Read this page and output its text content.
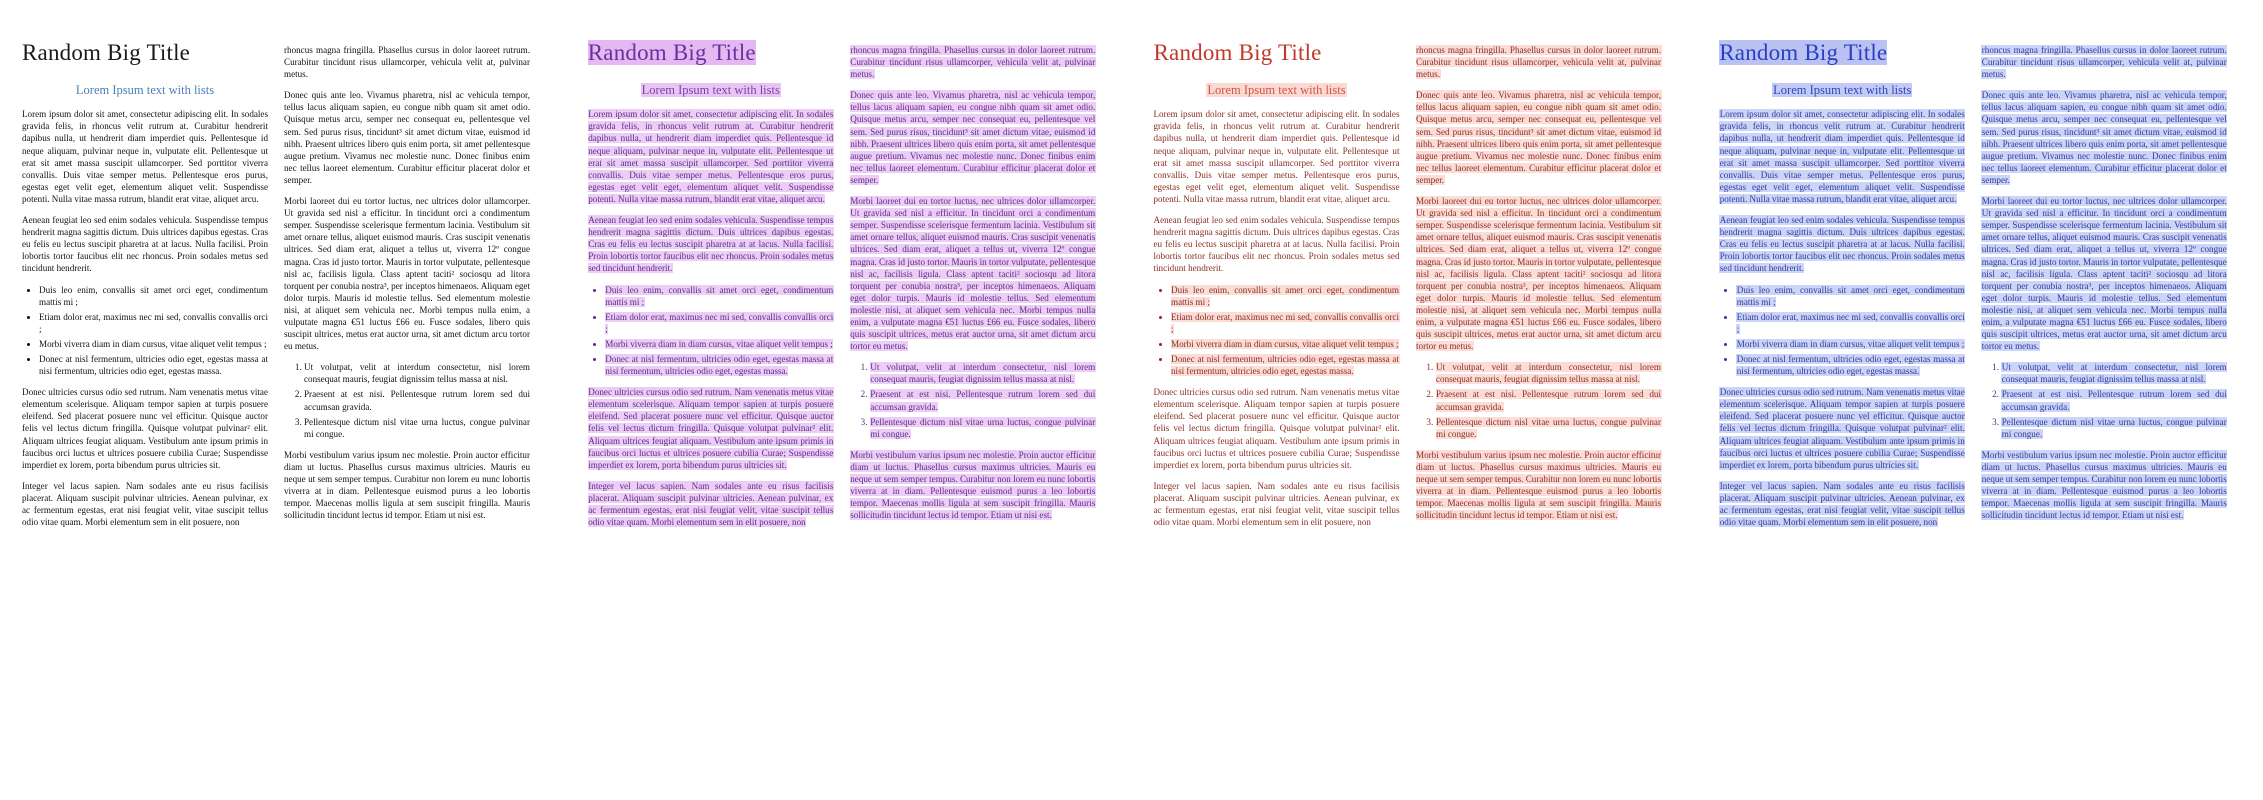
Random Big Title
Lorem Ipsum text with lists

Lorem ipsum dolor sit amet, consectetur adipiscing elit. In sodales gravida felis, in rhoncus velit rutrum at. Curabitur hendrerit dapibus nulla, ut hendrerit diam imperdiet quis. Pellentesque id neque aliquam, pulvinar neque in, vulputate elit. Pellentesque ut erat sit amet massa suscipit ullamcorper. Sed porttitor viverra convallis. Duis vitae semper metus. Pellentesque eros purus, egestas eget velit eget, elementum aliquet velit. Suspendisse potenti. Nulla vitae massa rutrum, blandit erat vitae, aliquet arcu.

Aenean feugiat leo sed enim sodales vehicula. Suspendisse tempus hendrerit magna sagittis dictum. Duis ultrices dapibus egestas. Cras eu felis eu lectus suscipit pharetra at at lacus. Nulla facilisi. Proin lobortis tortor faucibus elit nec rhoncus. Proin sodales metus sed tincidunt hendrerit.

• Duis leo enim, convallis sit amet orci eget, condimentum mattis mi ;
• Etiam dolor erat, maximus nec mi sed, convallis convallis orci ;
• Morbi viverra diam in diam cursus, vitae aliquet velit tempus ;
• Donec at nisl fermentum, ultricies odio eget, egestas massa at nisi fermentum, ultricies odio eget, egestas massa.

Donec ultricies cursus odio sed rutrum. Nam venenatis metus vitae elementum scelerisque. Aliquam tempor sapien at turpis posuere eleifend. Sed placerat posuere nunc vel efficitur. Quisque auctor felis vel lectus dictum fringilla. Quisque volutpat pulvinar² elit. Aliquam ultrices feugiat aliquam. Vestibulum ante ipsum primis in faucibus orci luctus et ultrices posuere cubilia Curae; Suspendisse imperdiet ex lorem, porta bibendum purus ultricies sit.

Integer vel lacus sapien. Nam sodales ante eu risus facilisis placerat. Aliquam suscipit pulvinar ultricies. Aenean pulvinar, ex ac fermentum egestas, erat nisi feugiat velit, vitae suscipit tellus odio vitae quam. Morbi elementum sem in elit posuere, non

rhoncus magna fringilla. Phasellus cursus in dolor laoreet rutrum. Curabitur tincidunt risus ullamcorper, vehicula velit at, pulvinar metus.

Donec quis ante leo. Vivamus pharetra, nisl ac vehicula tempor, tellus lacus aliquam sapien, eu congue nibh quam sit amet odio. Quisque metus arcu, semper nec consequat eu, pellentesque vel sem. Sed purus risus, tincidunt³ sit amet dictum vitae, euismod id nibh. Praesent ultrices libero quis enim porta, sit amet pellentesque augue pretium. Vivamus nec molestie nunc. Donec finibus enim nec tellus laoreet elementum. Curabitur efficitur placerat dolor et semper.

Morbi laoreet dui eu tortor luctus, nec ultrices dolor ullamcorper. Ut gravida sed nisl a efficitur. In tincidunt orci a condimentum semper. Suspendisse scelerisque fermentum lacinia. Vestibulum sit amet ornare tellus, aliquet euismod mauris. Cras suscipit venenatis ultrices. Sed diam erat, aliquet a tellus ut, viverra 12º congue magna. Cras id justo tortor. Mauris in tortor vulputate, pellentesque nisl ac, facilisis ligula. Class aptent taciti² sociosqu ad litora torquent per conubia nostra³, per inceptos himenaeos. Aliquam eget dolor turpis. Mauris id molestie tellus. Sed elementum molestie nisi, at aliquet sem vehicula nec. Morbi tempus nulla enim, a vulputate magna €51 luctus £66 eu. Fusce sodales, libero quis suscipit ultrices, metus erat auctor urna, sit amet dictum arcu tortor eu metus.

1. Ut volutpat, velit at interdum consectetur, nisl lorem consequat mauris, feugiat dignissim tellus massa at nisl.
2. Praesent at est nisi. Pellentesque rutrum lorem sed dui accumsan gravida.
3. Pellentesque dictum nisl vitae urna luctus, congue pulvinar mi congue.

Morbi vestibulum varius ipsum nec molestie. Proin auctor efficitur diam ut luctus. Phasellus cursus maximus ultricies. Mauris eu neque ut sem semper tempus. Curabitur non lorem eu nunc lobortis viverra at in diam. Pellentesque euismod purus a leo lobortis tempor. Maecenas mollis ligula at sem suscipit fringilla. Mauris sollicitudin tincidunt lectus id tempor. Etiam ut nisi est.

Random Big Title
Lorem Ipsum text with lists

Lorem ipsum dolor sit amet, consectetur adipiscing elit. In sodales gravida felis, in rhoncus velit rutrum at. Curabitur hendrerit dapibus nulla, ut hendrerit diam imperdiet quis. Pellentesque id neque aliquam, pulvinar neque in, vulputate elit. Pellentesque ut erat sit amet massa suscipit ullamcorper. Sed porttitor viverra convallis. Duis vitae semper metus. Pellentesque eros purus, egestas eget velit eget, elementum aliquet velit. Suspendisse potenti. Nulla vitae massa rutrum, blandit erat vitae, aliquet arcu.

Aenean feugiat leo sed enim sodales vehicula. Suspendisse tempus hendrerit magna sagittis dictum. Duis ultrices dapibus egestas. Cras eu felis eu lectus suscipit pharetra at at lacus. Nulla facilisi. Proin lobortis tortor faucibus elit nec rhoncus. Proin sodales metus sed tincidunt hendrerit.

• Duis leo enim, convallis sit amet orci eget, condimentum mattis mi ;
• Etiam dolor erat, maximus nec mi sed, convallis convallis orci ;
• Morbi viverra diam in diam cursus, vitae aliquet velit tempus ;
• Donec at nisl fermentum, ultricies odio eget, egestas massa at nisi fermentum, ultricies odio eget, egestas massa.

Donec ultricies cursus odio sed rutrum. Nam venenatis metus vitae elementum scelerisque. Aliquam tempor sapien at turpis posuere eleifend. Sed placerat posuere nunc vel efficitur. Quisque auctor felis vel lectus dictum fringilla. Quisque volutpat pulvinar² elit. Aliquam ultrices feugiat aliquam. Vestibulum ante ipsum primis in faucibus orci luctus et ultrices posuere cubilia Curae; Suspendisse imperdiet ex lorem, porta bibendum purus ultricies sit.

Integer vel lacus sapien. Nam sodales ante eu risus facilisis placerat. Aliquam suscipit pulvinar ultricies. Aenean pulvinar, ex ac fermentum egestas, erat nisi feugiat velit, vitae suscipit tellus odio vitae quam. Morbi elementum sem in elit posuere, non

rhoncus magna fringilla. Phasellus cursus in dolor laoreet rutrum. Curabitur tincidunt risus ullamcorper, vehicula velit at, pulvinar metus.

Donec quis ante leo. Vivamus pharetra, nisl ac vehicula tempor, tellus lacus aliquam sapien, eu congue nibh quam sit amet odio. Quisque metus arcu, semper nec consequat eu, pellentesque vel sem. Sed purus risus, tincidunt³ sit amet dictum vitae, euismod id nibh. Praesent ultrices libero quis enim porta, sit amet pellentesque augue pretium. Vivamus nec molestie nunc. Donec finibus enim nec tellus laoreet elementum. Curabitur efficitur placerat dolor et semper.

Morbi laoreet dui eu tortor luctus, nec ultrices dolor ullamcorper. Ut gravida sed nisl a efficitur. In tincidunt orci a condimentum semper. Suspendisse scelerisque fermentum lacinia. Vestibulum sit amet ornare tellus, aliquet euismod mauris. Cras suscipit venenatis ultrices. Sed diam erat, aliquet a tellus ut, viverra 12º congue magna. Cras id justo tortor. Mauris in tortor vulputate, pellentesque nisl ac, facilisis ligula. Class aptent taciti² sociosqu ad litora torquent per conubia nostra³, per inceptos himenaeos. Aliquam eget dolor turpis. Mauris id molestie tellus. Sed elementum molestie nisi, at aliquet sem vehicula nec. Morbi tempus nulla enim, a vulputate magna €51 luctus £66 eu. Fusce sodales, libero quis suscipit ultrices, metus erat auctor urna, sit amet dictum arcu tortor eu metus.

1. Ut volutpat, velit at interdum consectetur, nisl lorem consequat mauris, feugiat dignissim tellus massa at nisl.
2. Praesent at est nisi. Pellentesque rutrum lorem sed dui accumsan gravida.
3. Pellentesque dictum nisl vitae urna luctus, congue pulvinar mi congue.

Morbi vestibulum varius ipsum nec molestie. Proin auctor efficitur diam ut luctus. Phasellus cursus maximus ultricies. Mauris eu neque ut sem semper tempus. Curabitur non lorem eu nunc lobortis viverra at in diam. Pellentesque euismod purus a leo lobortis tempor. Maecenas mollis ligula at sem suscipit fringilla. Mauris sollicitudin tincidunt lectus id tempor. Etiam ut nisi est.

Random Big Title
Lorem Ipsum text with lists

Lorem ipsum dolor sit amet, consectetur adipiscing elit. In sodales gravida felis, in rhoncus velit rutrum at. Curabitur hendrerit dapibus nulla, ut hendrerit diam imperdiet quis. Pellentesque id neque aliquam, pulvinar neque in, vulputate elit. Pellentesque ut erat sit amet massa suscipit ullamcorper. Sed porttitor viverra convallis. Duis vitae semper metus. Pellentesque eros purus, egestas eget velit eget, elementum aliquet velit. Suspendisse potenti. Nulla vitae massa rutrum, blandit erat vitae, aliquet arcu.

Aenean feugiat leo sed enim sodales vehicula. Suspendisse tempus hendrerit magna sagittis dictum. Duis ultrices dapibus egestas. Cras eu felis eu lectus suscipit pharetra at at lacus. Nulla facilisi. Proin lobortis tortor faucibus elit nec rhoncus. Proin sodales metus sed tincidunt hendrerit.

• Duis leo enim, convallis sit amet orci eget, condimentum mattis mi ;
• Etiam dolor erat, maximus nec mi sed, convallis convallis orci ;
• Morbi viverra diam in diam cursus, vitae aliquet velit tempus ;
• Donec at nisl fermentum, ultricies odio eget, egestas massa at nisi fermentum, ultricies odio eget, egestas massa.

Donec ultricies cursus odio sed rutrum. Nam venenatis metus vitae elementum scelerisque. Aliquam tempor sapien at turpis posuere eleifend. Sed placerat posuere nunc vel efficitur. Quisque auctor felis vel lectus dictum fringilla. Quisque volutpat pulvinar² elit. Aliquam ultrices feugiat aliquam. Vestibulum ante ipsum primis in faucibus orci luctus et ultrices posuere cubilia Curae; Suspendisse imperdiet ex lorem, porta bibendum purus ultricies sit.

Integer vel lacus sapien. Nam sodales ante eu risus facilisis placerat. Aliquam suscipit pulvinar ultricies. Aenean pulvinar, ex ac fermentum egestas, erat nisi feugiat velit, vitae suscipit tellus odio vitae quam. Morbi elementum sem in elit posuere, non

rhoncus magna fringilla. Phasellus cursus in dolor laoreet rutrum. Curabitur tincidunt risus ullamcorper, vehicula velit at, pulvinar metus.

Donec quis ante leo. Vivamus pharetra, nisl ac vehicula tempor, tellus lacus aliquam sapien, eu congue nibh quam sit amet odio. Quisque metus arcu, semper nec consequat eu, pellentesque vel sem. Sed purus risus, tincidunt³ sit amet dictum vitae, euismod id nibh. Praesent ultrices libero quis enim porta, sit amet pellentesque augue pretium. Vivamus nec molestie nunc. Donec finibus enim nec tellus laoreet elementum. Curabitur efficitur placerat dolor et semper.

Morbi laoreet dui eu tortor luctus, nec ultrices dolor ullamcorper. Ut gravida sed nisl a efficitur. In tincidunt orci a condimentum semper. Suspendisse scelerisque fermentum lacinia. Vestibulum sit amet ornare tellus, aliquet euismod mauris. Cras suscipit venenatis ultrices. Sed diam erat, aliquet a tellus ut, viverra 12º congue magna. Cras id justo tortor. Mauris in tortor vulputate, pellentesque nisl ac, facilisis ligula. Class aptent taciti² sociosqu ad litora torquent per conubia nostra³, per inceptos himenaeos. Aliquam eget dolor turpis. Mauris id molestie tellus. Sed elementum molestie nisi, at aliquet sem vehicula nec. Morbi tempus nulla enim, a vulputate magna €51 luctus £66 eu. Fusce sodales, libero quis suscipit ultrices, metus erat auctor urna, sit amet dictum arcu tortor eu metus.

1. Ut volutpat, velit at interdum consectetur, nisl lorem consequat mauris, feugiat dignissim tellus massa at nisl.
2. Praesent at est nisi. Pellentesque rutrum lorem sed dui accumsan gravida.
3. Pellentesque dictum nisl vitae urna luctus, congue pulvinar mi congue.

Morbi vestibulum varius ipsum nec molestie. Proin auctor efficitur diam ut luctus. Phasellus cursus maximus ultricies. Mauris eu neque ut sem semper tempus. Curabitur non lorem eu nunc lobortis viverra at in diam. Pellentesque euismod purus a leo lobortis tempor. Maecenas mollis ligula at sem suscipit fringilla. Mauris sollicitudin tincidunt lectus id tempor. Etiam ut nisi est.

Random Big Title
Lorem Ipsum text with lists

Lorem ipsum dolor sit amet, consectetur adipiscing elit. In sodales gravida felis, in rhoncus velit rutrum at. Curabitur hendrerit dapibus nulla, ut hendrerit diam imperdiet quis. Pellentesque id neque aliquam, pulvinar neque in, vulputate elit. Pellentesque ut erat sit amet massa suscipit ullamcorper. Sed porttitor viverra convallis. Duis vitae semper metus. Pellentesque eros purus, egestas eget velit eget, elementum aliquet velit. Suspendisse potenti. Nulla vitae massa rutrum, blandit erat vitae, aliquet arcu.

Aenean feugiat leo sed enim sodales vehicula. Suspendisse tempus hendrerit magna sagittis dictum. Duis ultrices dapibus egestas. Cras eu felis eu lectus suscipit pharetra at at lacus. Nulla facilisi. Proin lobortis tortor faucibus elit nec rhoncus. Proin sodales metus sed tincidunt hendrerit.

• Duis leo enim, convallis sit amet orci eget, condimentum mattis mi ;
• Etiam dolor erat, maximus nec mi sed, convallis convallis orci ;
• Morbi viverra diam in diam cursus, vitae aliquet velit tempus ;
• Donec at nisl fermentum, ultricies odio eget, egestas massa at nisi fermentum, ultricies odio eget, egestas massa.

Donec ultricies cursus odio sed rutrum. Nam venenatis metus vitae elementum scelerisque. Aliquam tempor sapien at turpis posuere eleifend. Sed placerat posuere nunc vel efficitur. Quisque auctor felis vel lectus dictum fringilla. Quisque volutpat pulvinar² elit. Aliquam ultrices feugiat aliquam. Vestibulum ante ipsum primis in faucibus orci luctus et ultrices posuere cubilia Curae; Suspendisse imperdiet ex lorem, porta bibendum purus ultricies sit.

Integer vel lacus sapien. Nam sodales ante eu risus facilisis placerat. Aliquam suscipit pulvinar ultricies. Aenean pulvinar, ex ac fermentum egestas, erat nisi feugiat velit, vitae suscipit tellus odio vitae quam. Morbi elementum sem in elit posuere, non

rhoncus magna fringilla. Phasellus cursus in dolor laoreet rutrum. Curabitur tincidunt risus ullamcorper, vehicula velit at, pulvinar metus.

Donec quis ante leo. Vivamus pharetra, nisl ac vehicula tempor, tellus lacus aliquam sapien, eu congue nibh quam sit amet odio. Quisque metus arcu, semper nec consequat eu, pellentesque vel sem. Sed purus risus, tincidunt³ sit amet dictum vitae, euismod id nibh. Praesent ultrices libero quis enim porta, sit amet pellentesque augue pretium. Vivamus nec molestie nunc. Donec finibus enim nec tellus laoreet elementum. Curabitur efficitur placerat dolor et semper.

Morbi laoreet dui eu tortor luctus, nec ultrices dolor ullamcorper. Ut gravida sed nisl a efficitur. In tincidunt orci a condimentum semper. Suspendisse scelerisque fermentum lacinia. Vestibulum sit amet ornare tellus, aliquet euismod mauris. Cras suscipit venenatis ultrices. Sed diam erat, aliquet a tellus ut, viverra 12º congue magna. Cras id justo tortor. Mauris in tortor vulputate, pellentesque nisl ac, facilisis ligula. Class aptent taciti² sociosqu ad litora torquent per conubia nostra³, per inceptos himenaeos. Aliquam eget dolor turpis. Mauris id molestie tellus. Sed elementum molestie nisi, at aliquet sem vehicula nec. Morbi tempus nulla enim, a vulputate magna €51 luctus £66 eu. Fusce sodales, libero quis suscipit ultrices, metus erat auctor urna, sit amet dictum arcu tortor eu metus.

1. Ut volutpat, velit at interdum consectetur, nisl lorem consequat mauris, feugiat dignissim tellus massa at nisl.
2. Praesent at est nisi. Pellentesque rutrum lorem sed dui accumsan gravida.
3. Pellentesque dictum nisl vitae urna luctus, congue pulvinar mi congue.

Morbi vestibulum varius ipsum nec molestie. Proin auctor efficitur diam ut luctus. Phasellus cursus maximus ultricies. Mauris eu neque ut sem semper tempus. Curabitur non lorem eu nunc lobortis viverra at in diam. Pellentesque euismod purus a leo lobortis tempor. Maecenas mollis ligula at sem suscipit fringilla. Mauris sollicitudin tincidunt lectus id tempor. Etiam ut nisi est.
